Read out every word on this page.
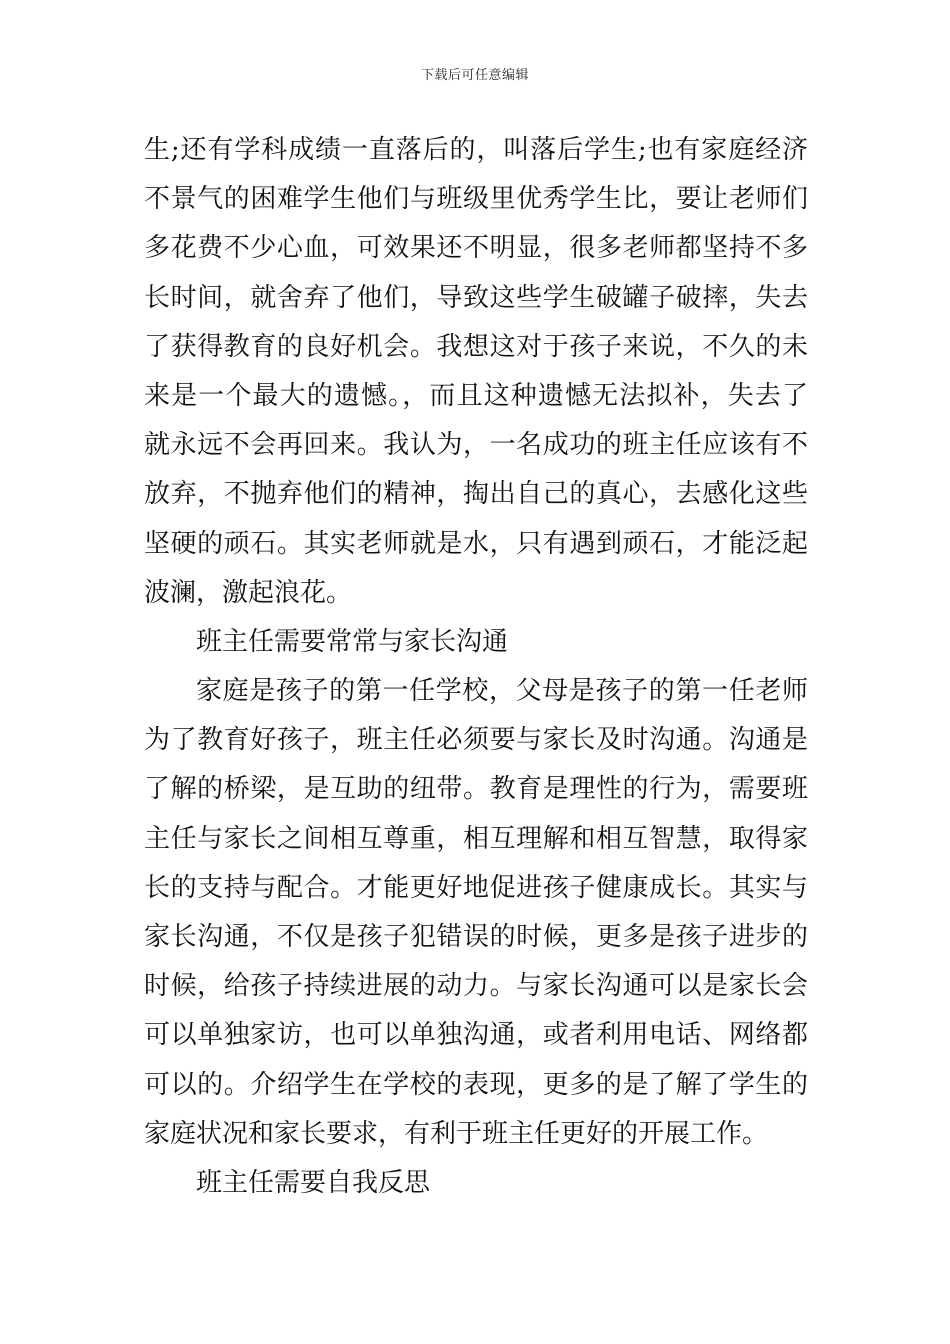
下载后可任意编辑
生;还有学科成绩一直落后的，叫落后学生;也有家庭经济
不景气的困难学生他们与班级里优秀学生比，要让老师们
多花费不少心血，可效果还不明显，很多老师都坚持不多
长时间，就舍弃了他们，导致这些学生破罐子破摔，失去
了获得教育的良好机会。我想这对于孩子来说，不久的未
来是一个最大的遗憾。，而且这种遗憾无法拟补，失去了
就永远不会再回来。我认为，一名成功的班主任应该有不
放弃，不抛弃他们的精神，掏出自己的真心，去感化这些
坚硬的顽石。其实老师就是水，只有遇到顽石，才能泛起
波澜，激起浪花。
班主任需要常常与家长沟通
家庭是孩子的第一任学校，父母是孩子的第一任老师
为了教育好孩子，班主任必须要与家长及时沟通。沟通是
了解的桥梁，是互助的纽带。教育是理性的行为，需要班
主任与家长之间相互尊重，相互理解和相互智慧，取得家
长的支持与配合。才能更好地促进孩子健康成长。其实与
家长沟通，不仅是孩子犯错误的时候，更多是孩子进步的
时候，给孩子持续进展的动力。与家长沟通可以是家长会
可以单独家访，也可以单独沟通，或者利用电话、网络都
可以的。介绍学生在学校的表现，更多的是了解了学生的
家庭状况和家长要求，有利于班主任更好的开展工作。
班主任需要自我反思
